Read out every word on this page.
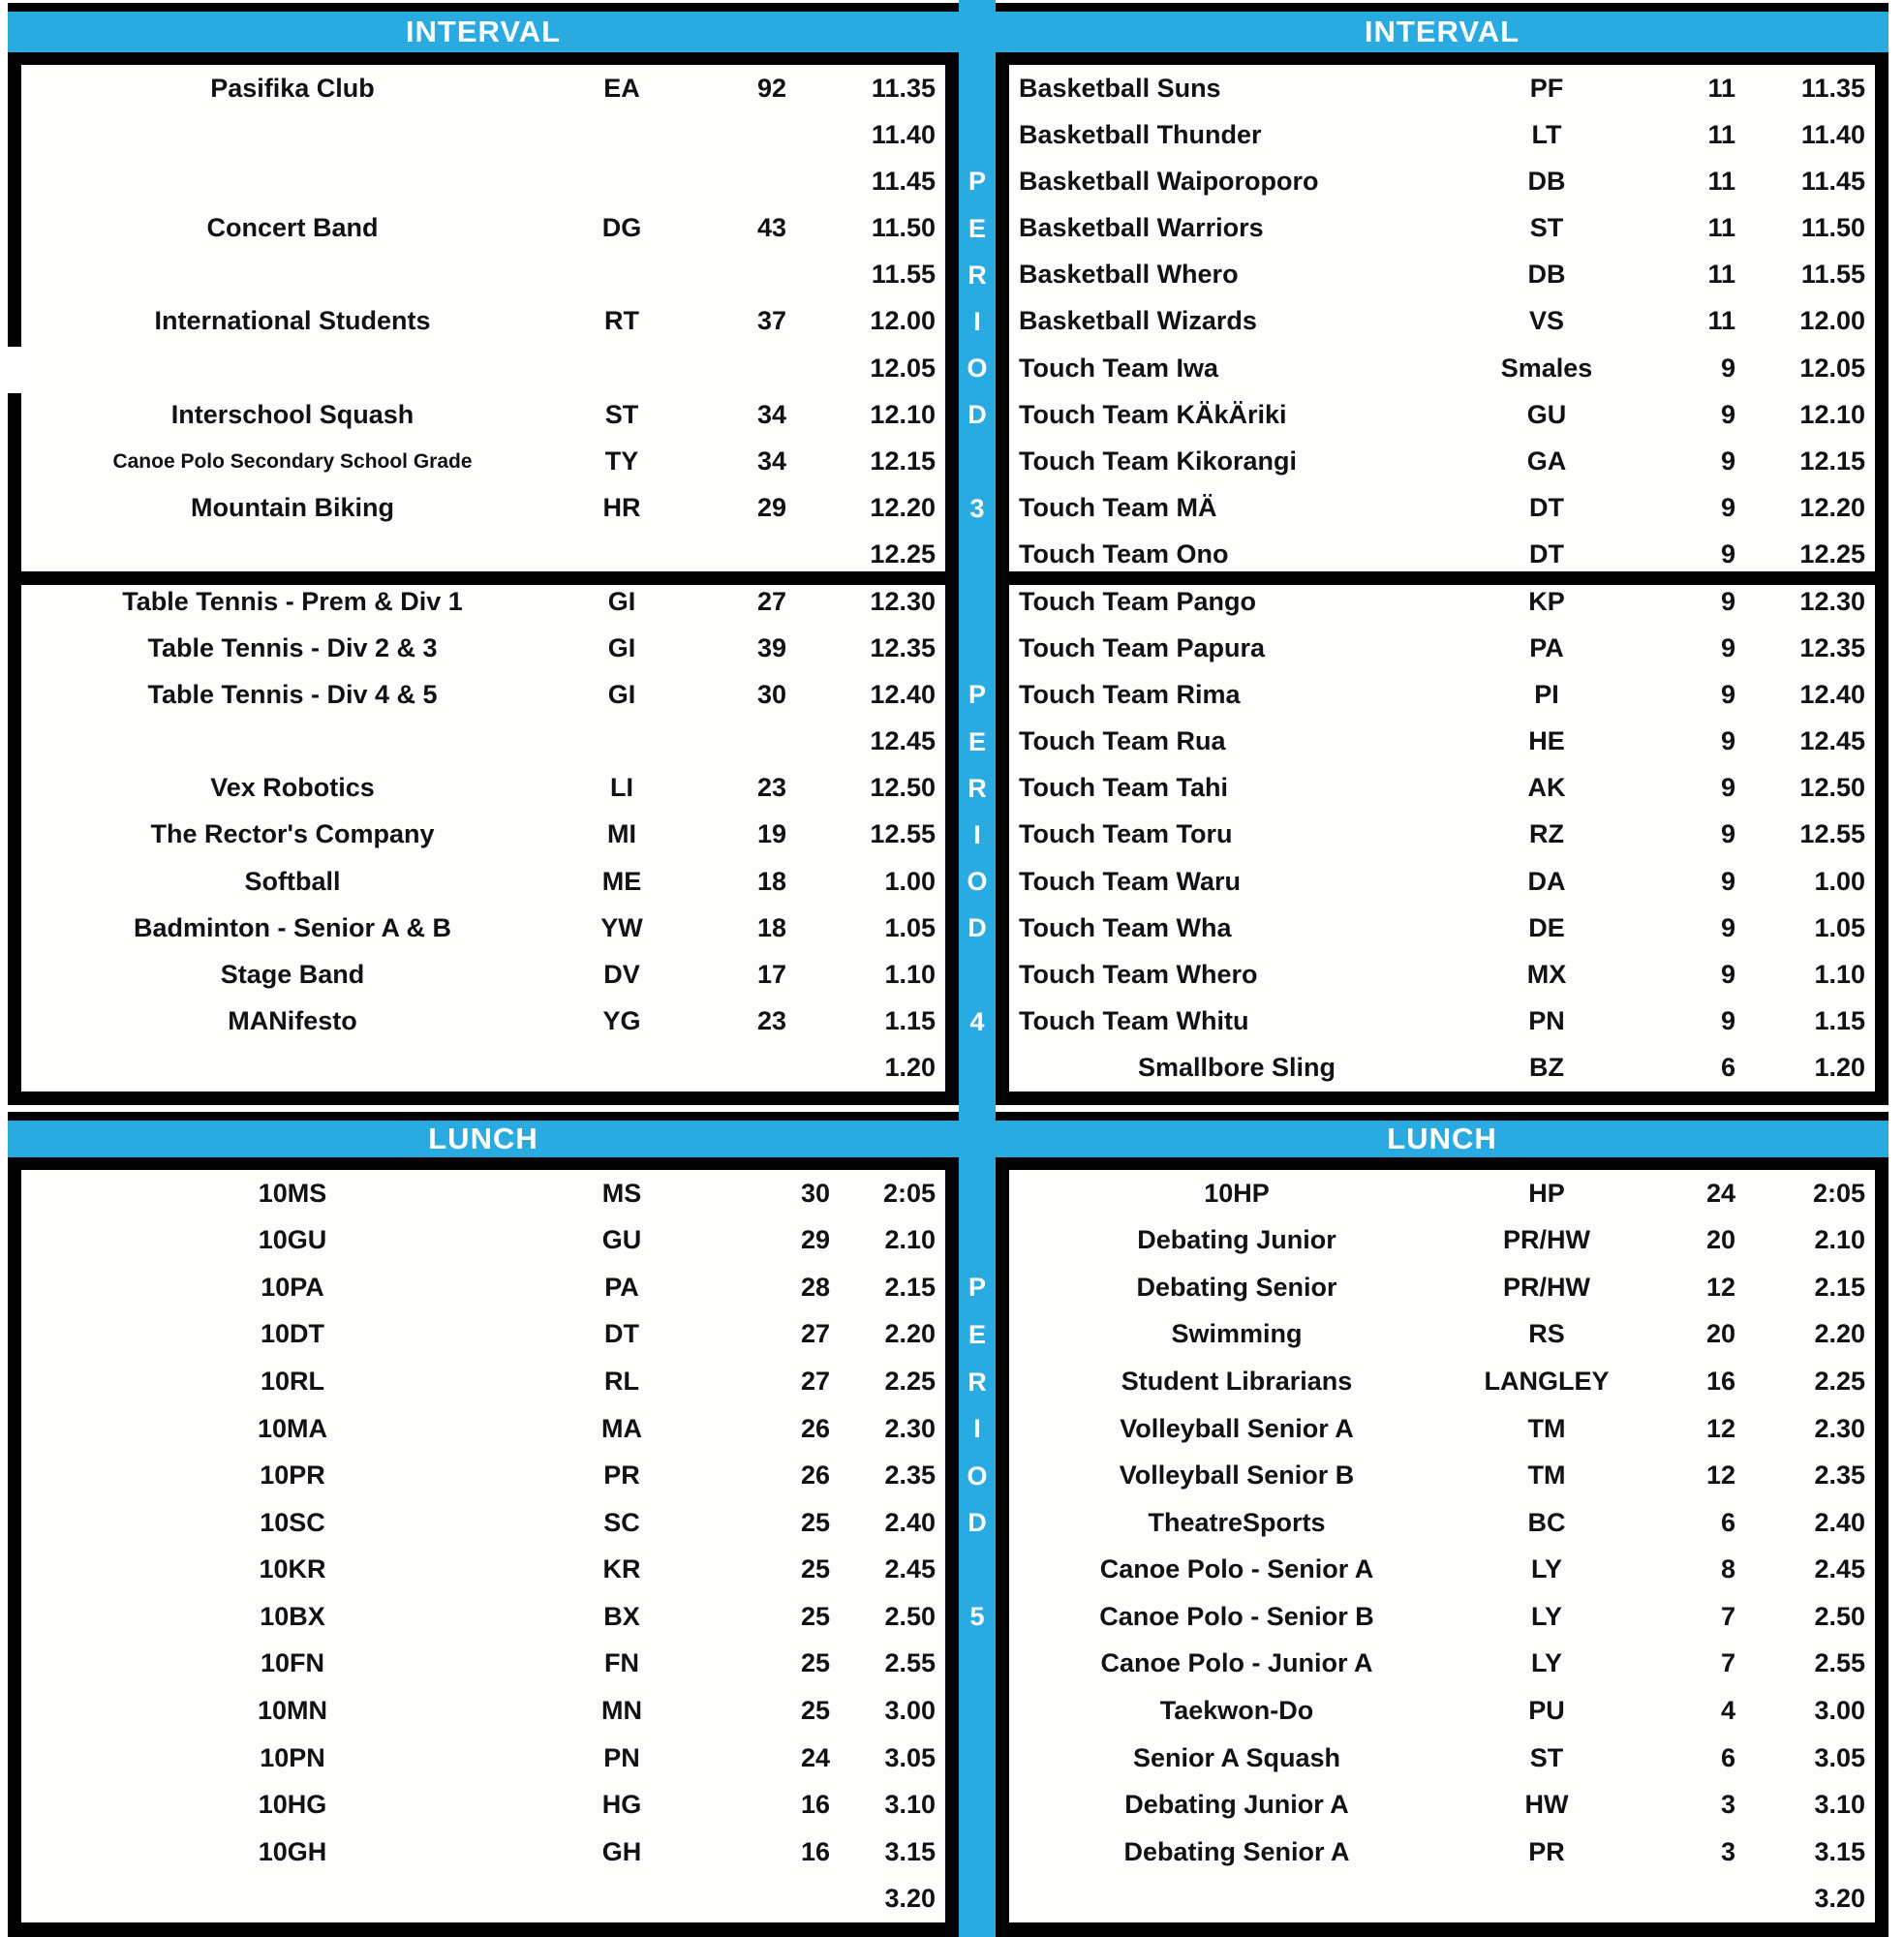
P
E
R
I
O
D
3
P
E
R
I
O
D
4
P
E
R
I
O
D
5
INTERVAL
Pasifika Club	EA	92	11.35
11.40
11.45
Concert Band	DG	43	11.50
11.55
International Students	RT	37	12.00
12.05
Interschool Squash	ST	34	12.10
Canoe Polo Secondary School Grade	TY	34	12.15
Mountain Biking	HR	29	12.20
12.25
Table Tennis - Prem & Div 1	GI	27	12.30
Table Tennis - Div 2 & 3	GI	39	12.35
Table Tennis - Div 4 & 5	GI	30	12.40
12.45
Vex Robotics	LI	23	12.50
The Rector's Company	MI	19	12.55
Softball	ME	18	1.00
Badminton - Senior A & B	YW	18	1.05
Stage Band	DV	17	1.10
MANifesto	YG	23	1.15
1.20
INTERVAL
Basketball Suns	PF	11	11.35
Basketball Thunder	LT	11	11.40
Basketball Waiporoporo	DB	11	11.45
Basketball Warriors	ST	11	11.50
Basketball Whero	DB	11	11.55
Basketball Wizards	VS	11	12.00
Touch Team Iwa	Smales	9	12.05
Touch Team KÄkÄriki	GU	9	12.10
Touch Team Kikorangi	GA	9	12.15
Touch Team MÄ	DT	9	12.20
Touch Team Ono	DT	9	12.25
Touch Team Pango	KP	9	12.30
Touch Team Papura	PA	9	12.35
Touch Team Rima	PI	9	12.40
Touch Team Rua	HE	9	12.45
Touch Team Tahi	AK	9	12.50
Touch Team Toru	RZ	9	12.55
Touch Team Waru	DA	9	1.00
Touch Team Wha	DE	9	1.05
Touch Team Whero	MX	9	1.10
Touch Team Whitu	PN	9	1.15
Smallbore Sling	BZ	6	1.20
LUNCH
10MS	MS	30	2:05
10GU	GU	29	2.10
10PA	PA	28	2.15
10DT	DT	27	2.20
10RL	RL	27	2.25
10MA	MA	26	2.30
10PR	PR	26	2.35
10SC	SC	25	2.40
10KR	KR	25	2.45
10BX	BX	25	2.50
10FN	FN	25	2.55
10MN	MN	25	3.00
10PN	PN	24	3.05
10HG	HG	16	3.10
10GH	GH	16	3.15
3.20
LUNCH
10HP	HP	24	2:05
Debating Junior	PR/HW	20	2.10
Debating Senior	PR/HW	12	2.15
Swimming	RS	20	2.20
Student Librarians	LANGLEY	16	2.25
Volleyball Senior A	TM	12	2.30
Volleyball Senior B	TM	12	2.35
TheatreSports	BC	6	2.40
Canoe Polo - Senior A	LY	8	2.45
Canoe Polo - Senior B	LY	7	2.50
Canoe Polo - Junior A	LY	7	2.55
Taekwon-Do	PU	4	3.00
Senior A Squash	ST	6	3.05
Debating Junior A	HW	3	3.10
Debating Senior A	PR	3	3.15
3.20
